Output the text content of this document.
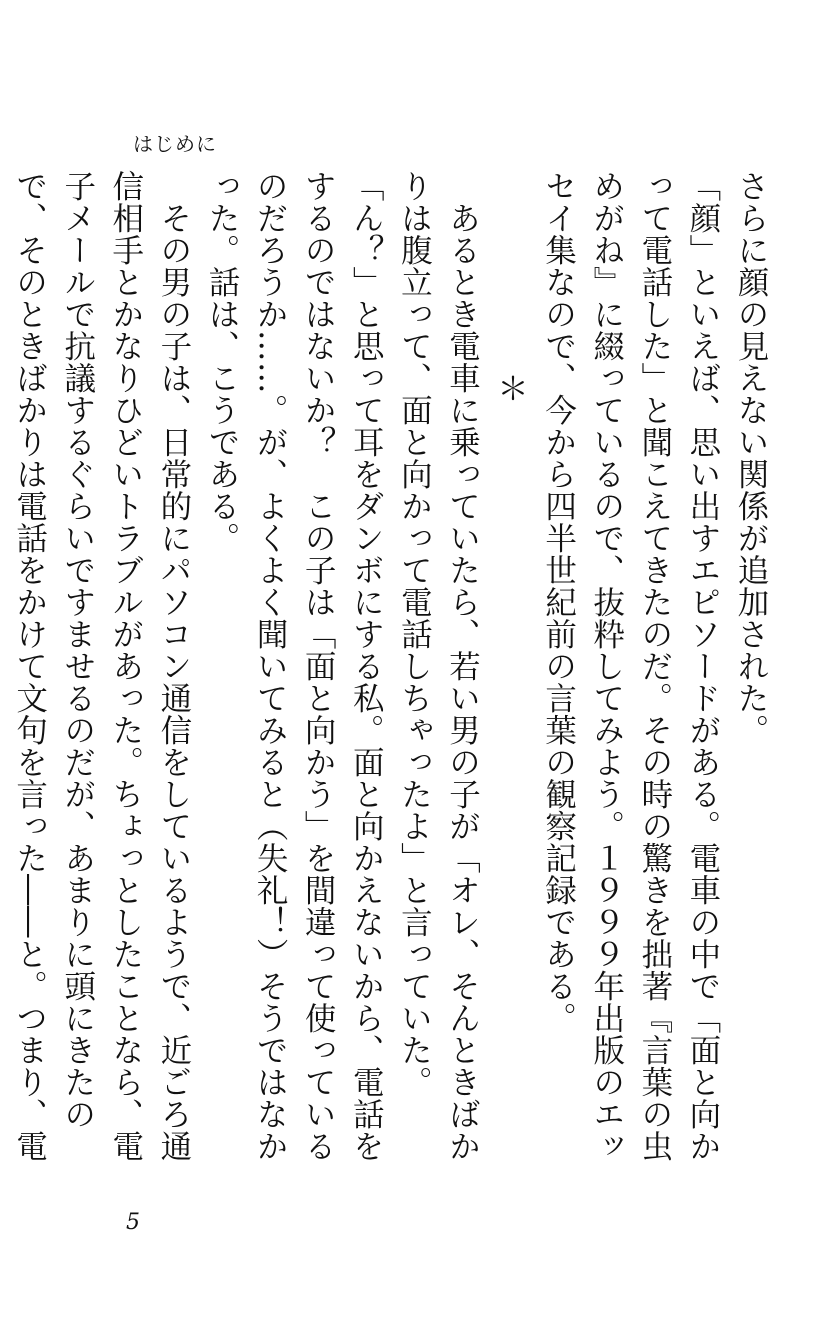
はじめに

さらに顔の見えない関係が追加された。

「顔」といえば、思い出すエピソードがある。電車の中で「面と向かって電話した」と聞こえてきたのだ。その時の驚きを拙著『言葉の虫めがね』に綴っているので、抜粋してみよう。１９９９年出版のエッセイ集なので、今から四半世紀前の言葉の観察記録である。

＊

あるとき電車に乗っていたら、若い男の子が「オレ、そんときばかりは腹立って、面と向かって電話しちゃったよ」と言っていた。「ん？」と思って耳をダンボにする私。面と向かえないから、電話をするのではないか？　この子は「面と向かう」を間違って使っているのだろうか……。が、よくよく聞いてみると（失礼！）そうではなかった。話は、こうである。

その男の子は、日常的にパソコン通信をしているようで、近ごろ通信相手とかなりひどいトラブルがあった。ちょっとしたことなら、電子メールで抗議するぐらいですませるのだが、あまりに頭にきたので、そのときばかりは電話をかけて文句を言った――と。つまり、電

5
